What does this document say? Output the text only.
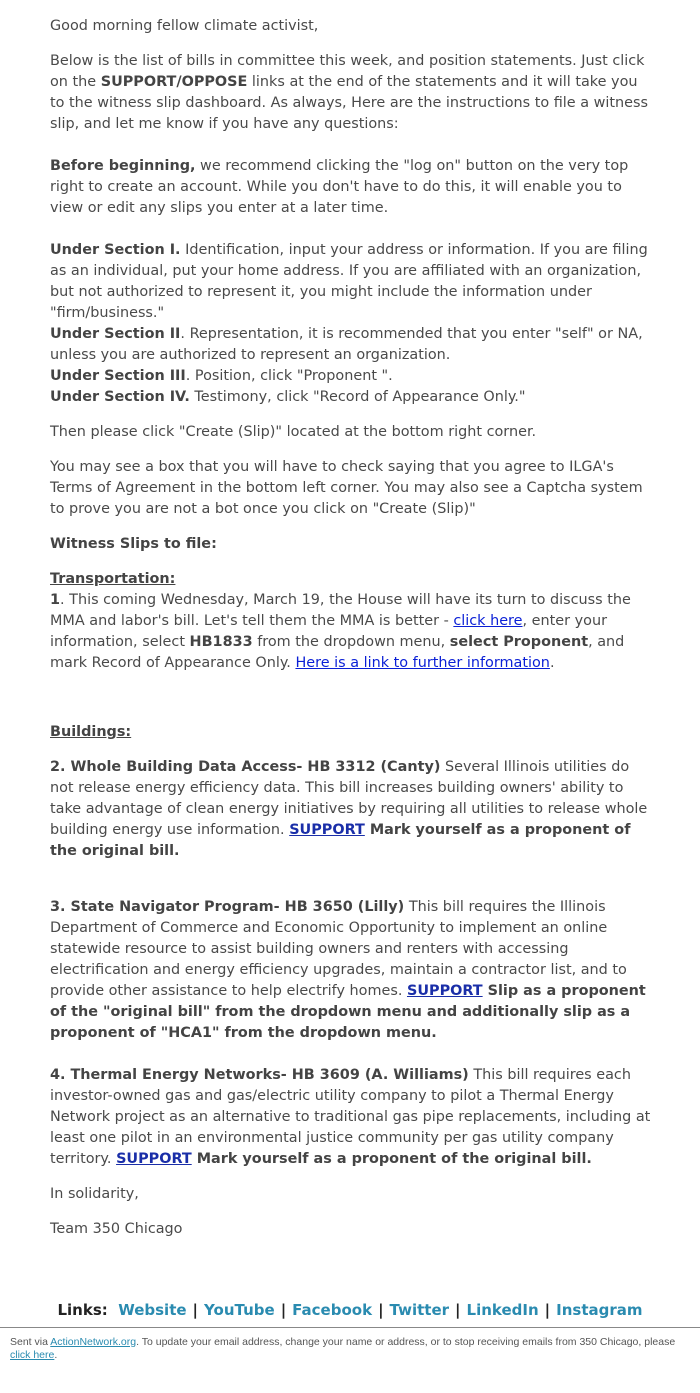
Good morning fellow climate activist,

Below is the list of bills in committee this week, and position statements. Just click on the SUPPORT/OPPOSE links at the end of the statements and it will take you to the witness slip dashboard. As always, Here are the instructions to file a witness slip, and let me know if you have any questions:

Before beginning, we recommend clicking the "log on" button on the very top right to create an account. While you don't have to do this, it will enable you to view or edit any slips you enter at a later time.

Under Section I. Identification, input your address or information. If you are filing as an individual, put your home address. If you are affiliated with an organization, but not authorized to represent it, you might include the information under "firm/business."
Under Section II. Representation, it is recommended that you enter "self" or NA, unless you are authorized to represent an organization.
Under Section III. Position, click "Proponent ".
Under Section IV. Testimony, click "Record of Appearance Only."

Then please click "Create (Slip)" located at the bottom right corner.

You may see a box that you will have to check saying that you agree to ILGA's Terms of Agreement in the bottom left corner. You may also see a Captcha system to prove you are not a bot once you click on "Create (Slip)"

Witness Slips to file:

Transportation:
1. This coming Wednesday, March 19, the House will have its turn to discuss the MMA and labor's bill. Let's tell them the MMA is better - click here, enter your information, select HB1833 from the dropdown menu, select Proponent, and mark Record of Appearance Only. Here is a link to further information.

Buildings:

2. Whole Building Data Access- HB 3312 (Canty) Several Illinois utilities do not release energy efficiency data. This bill increases building owners' ability to take advantage of clean energy initiatives by requiring all utilities to release whole building energy use information. SUPPORT Mark yourself as a proponent of the original bill.

3. State Navigator Program- HB 3650 (Lilly) This bill requires the Illinois Department of Commerce and Economic Opportunity to implement an online statewide resource to assist building owners and renters with accessing electrification and energy efficiency upgrades, maintain a contractor list, and to provide other assistance to help electrify homes. SUPPORT Slip as a proponent of the "original bill" from the dropdown menu and additionally slip as a proponent of "HCA1" from the dropdown menu.

4. Thermal Energy Networks- HB 3609 (A. Williams) This bill requires each investor-owned gas and gas/electric utility company to pilot a Thermal Energy Network project as an alternative to traditional gas pipe replacements, including at least one pilot in an environmental justice community per gas utility company territory. SUPPORT Mark yourself as a proponent of the original bill.

In solidarity,

Team 350 Chicago

Links: Website | YouTube | Facebook | Twitter | LinkedIn | Instagram
Sent via ActionNetwork.org. To update your email address, change your name or address, or to stop receiving emails from 350 Chicago, please click here.
